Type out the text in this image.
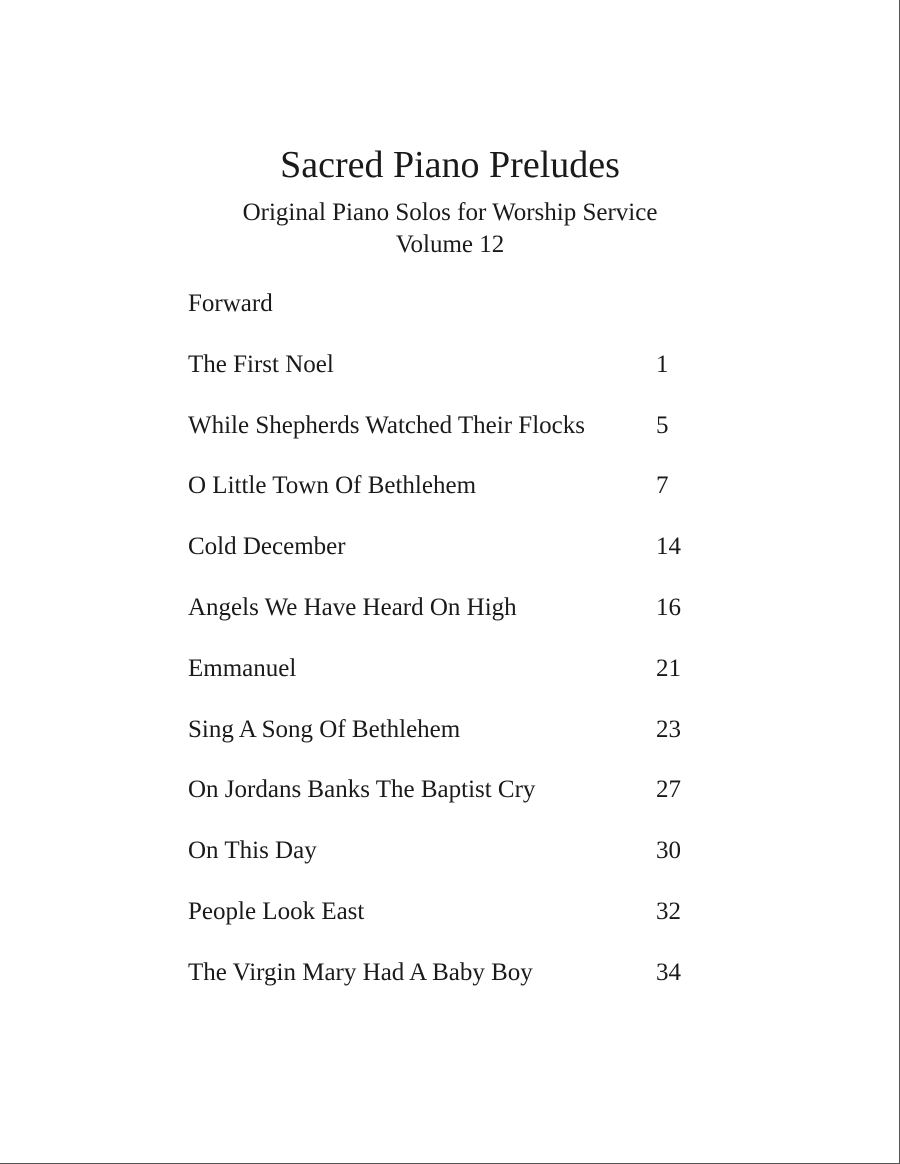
Sacred Piano Preludes
Original Piano Solos for Worship Service
Volume 12
Forward
The First Noel	1
While Shepherds Watched Their Flocks	5
O Little Town Of Bethlehem	7
Cold December	14
Angels We Have Heard On High	16
Emmanuel	21
Sing A Song Of Bethlehem	23
On Jordans Banks The Baptist Cry	27
On This Day	30
People Look East	32
The Virgin Mary Had A Baby Boy	34
